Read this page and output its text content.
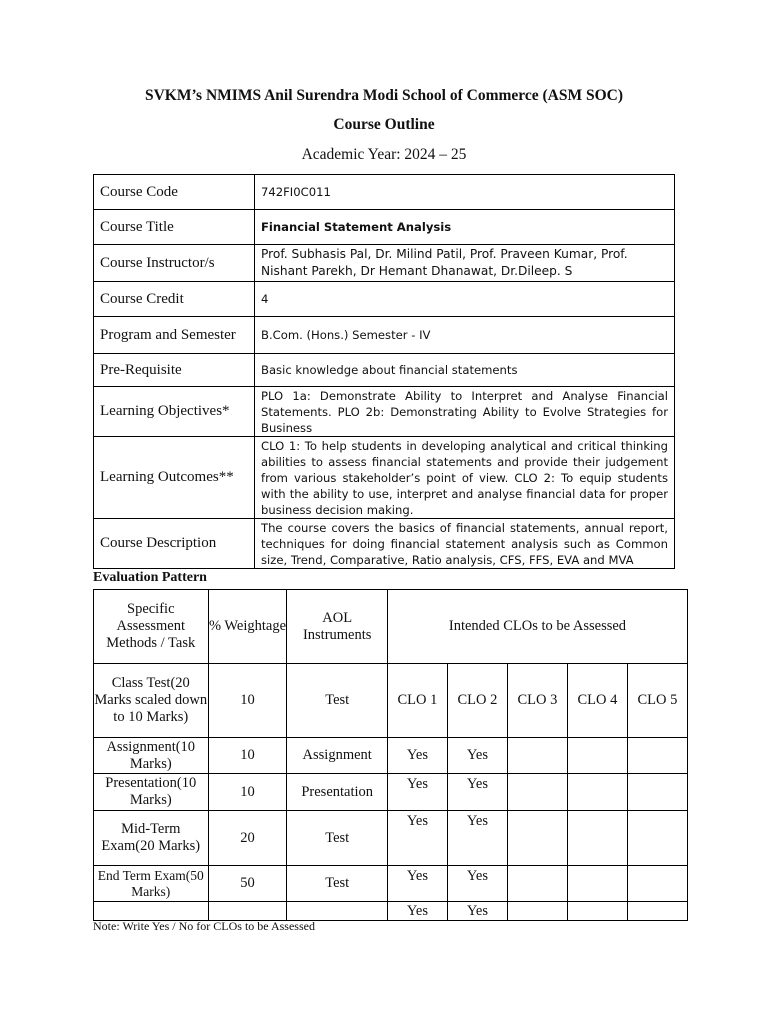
SVKM’s NMIMS Anil Surendra Modi School of Commerce (ASM SOC)
Course Outline
Academic Year: 2024 – 25
Course Code	742FI0C011
Course Title	Financial Statement Analysis
Course Instructor/s	Prof. Subhasis Pal, Dr. Milind Patil, Prof. Praveen Kumar, Prof. Nishant Parekh, Dr Hemant Dhanawat, Dr.Dileep. S
Course Credit	4
Program and Semester	B.Com. (Hons.) Semester - IV
Pre-Requisite	Basic knowledge about financial statements
Learning Objectives*	PLO 1a: Demonstrate Ability to Interpret and Analyse Financial Statements. PLO 2b: Demonstrating Ability to Evolve Strategies for Business
Learning Outcomes**	CLO 1: To help students in developing analytical and critical thinking abilities to assess financial statements and provide their judgement from various stakeholder’s point of view. CLO 2: To equip students with the ability to use, interpret and analyse financial data for proper business decision making.
Course Description	The course covers the basics of financial statements, annual report, techniques for doing financial statement analysis such as Common size, Trend, Comparative, Ratio analysis, CFS, FFS, EVA and MVA
Evaluation Pattern
Specific Assessment Methods / Task	% Weightage	AOL Instruments	Intended CLOs to be Assessed				
Class Test(20 Marks scaled down to 10 Marks)	10	Test	CLO 1	CLO 2	CLO 3	CLO 4	CLO 5
Assignment(10 Marks)	10	Assignment	Yes	Yes			
Presentation(10 Marks)	10	Presentation	Yes	Yes			
Mid-Term Exam(20 Marks)	20	Test	Yes	Yes			
End Term Exam(50 Marks)	50	Test	Yes	Yes			
			Yes	Yes			
Note: Write Yes / No for CLOs to be Assessed
